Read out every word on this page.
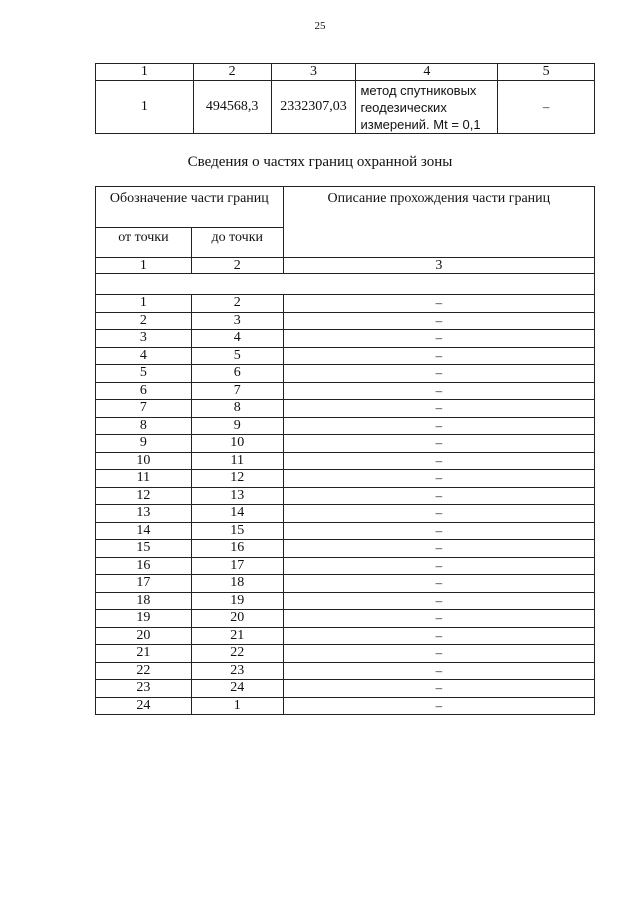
25
1	2	3	4	5
1	494568,3	2332307,03	метод спутниковых
геодезических
измерений. Mt = 0,1	–
Сведения о частях границ охранной зоны
Обозначение части границ		Описание прохождения части границ
от точки	до точки	
1	2	3

1	2	–
2	3	–
3	4	–
4	5	–
5	6	–
6	7	–
7	8	–
8	9	–
9	10	–
10	11	–
11	12	–
12	13	–
13	14	–
14	15	–
15	16	–
16	17	–
17	18	–
18	19	–
19	20	–
20	21	–
21	22	–
22	23	–
23	24	–
24	1	–
